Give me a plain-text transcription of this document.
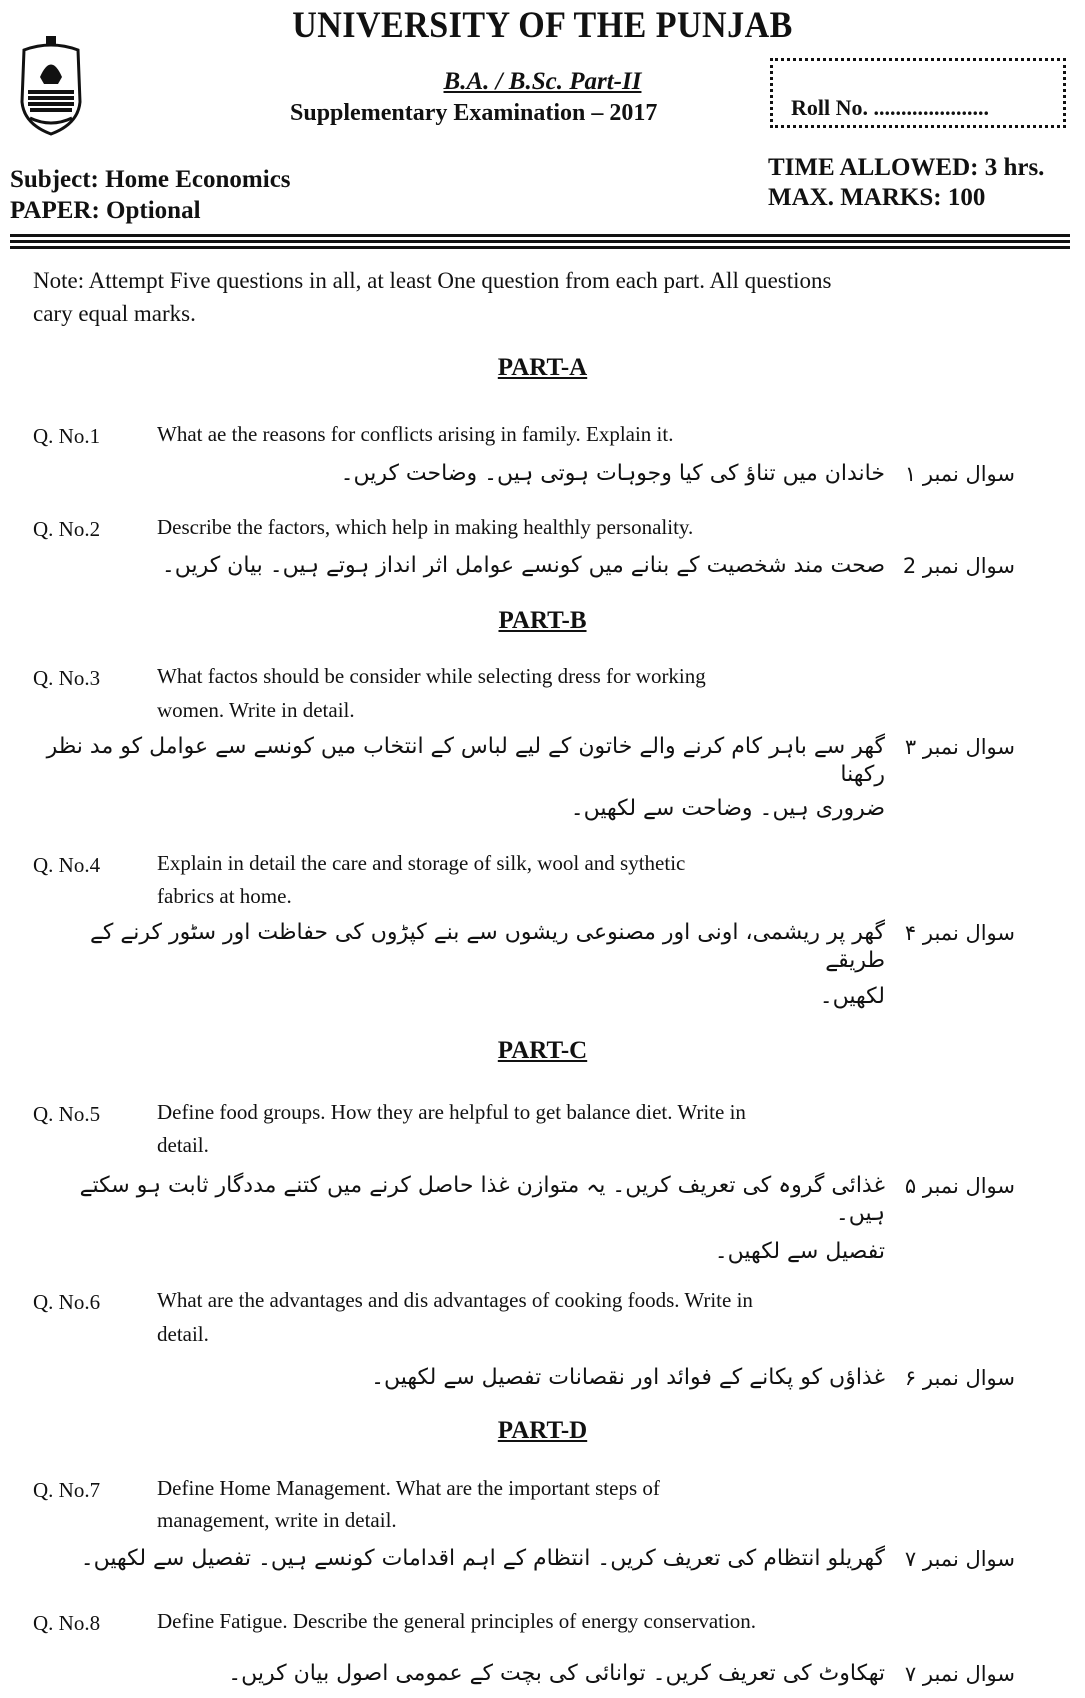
UNIVERSITY OF THE PUNJAB
B.A. / B.Sc. Part-II
Supplementary Examination – 2017	Roll No. .....................
Subject: Home Economics
PAPER: Optional
TIME ALLOWED: 3 hrs.
MAX. MARKS: 100
Note: Attempt Five questions in all, at least One question from each part. All questions
cary equal marks.
PART-A
PART-B
PART-C
PART-D
Q. No.1	What ae the reasons for conflicts arising in family. Explain it.
سوال نمبر ۱
خاندان میں تناؤ کی کیا وجوہات ہوتی ہیں۔ وضاحت کریں۔
Q. No.2	Describe the factors, which help in making healthly personality.
سوال نمبر 2
صحت مند شخصیت کے بنانے میں کونسے عوامل اثر انداز ہوتے ہیں۔ بیان کریں۔
Q. No.3	What factos should be consider while selecting dress for working
women. Write in detail.
سوال نمبر ۳
گھر سے باہر کام کرنے والے خاتون کے لیے لباس کے انتخاب میں کونسے سے عوامل کو مد نظر رکھنا
ضروری ہیں۔ وضاحت سے لکھیں۔
Q. No.4	Explain in detail the care and storage of silk, wool and sythetic
fabrics at home.
سوال نمبر ۴
گھر پر ریشمی، اونی اور مصنوعی ریشوں سے بنے کپڑوں کی حفاظت اور سٹور کرنے کے طریقے
لکھیں۔
Q. No.5	Define food groups. How they are helpful to get balance diet. Write in
detail.
سوال نمبر ۵
غذائی گروہ کی تعریف کریں۔ یہ متوازن غذا حاصل کرنے میں کتنے مددگار ثابت ہو سکتے ہیں۔
تفصیل سے لکھیں۔
Q. No.6	What are the advantages and dis advantages of cooking foods. Write in
detail.
سوال نمبر ۶
غذاؤں کو پکانے کے فوائد اور نقصانات تفصیل سے لکھیں۔
Q. No.7	Define Home Management. What are the important steps of
management, write in detail.
سوال نمبر ۷
گھریلو انتظام کی تعریف کریں۔ انتظام کے اہم اقدامات کونسے ہیں۔ تفصیل سے لکھیں۔
Q. No.8	Define Fatigue. Describe the general principles of energy conservation.
سوال نمبر ۷
تھکاوٹ کی تعریف کریں۔ توانائی کی بچت کے عمومی اصول بیان کریں۔
